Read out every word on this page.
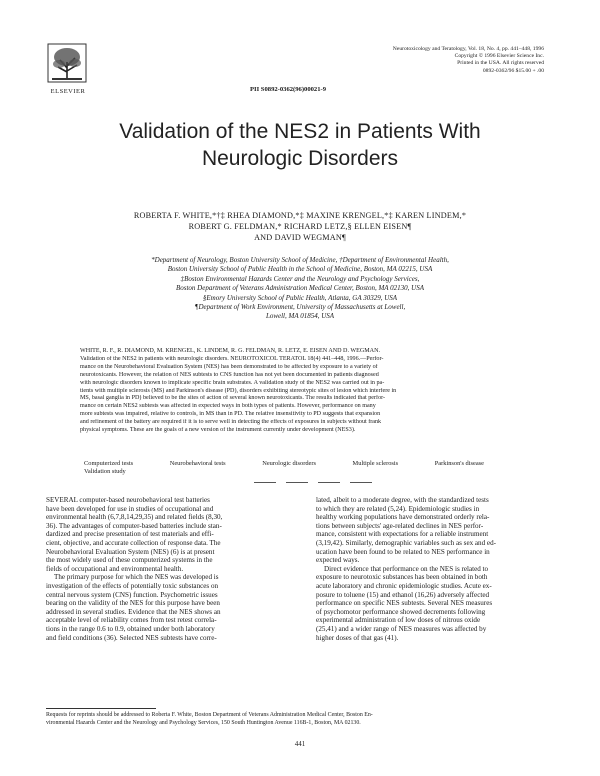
ELSEVIER
Neurotoxicology and Teratology, Vol. 18, No. 4, pp. 441–448, 1996
Copyright © 1996 Elsevier Science Inc.
Printed in the USA. All rights reserved
0892-0362/96 $15.00 + .00
PII S0892-0362(96)00021-9
Validation of the NES2 in Patients With
Neurologic Disorders
ROBERTA F. WHITE,*†‡ RHEA DIAMOND,*‡ MAXINE KRENGEL,*‡ KAREN LINDEM,*
ROBERT G. FELDMAN,* RICHARD LETZ,§ ELLEN EISEN¶
AND DAVID WEGMAN¶
*Department of Neurology, Boston University School of Medicine, †Department of Environmental Health,
Boston University School of Public Health in the School of Medicine, Boston, MA 02215, USA
‡Boston Environmental Hazards Center and the Neurology and Psychology Services,
Boston Department of Veterans Administration Medical Center, Boston, MA 02130, USA
§Emory University School of Public Health, Atlanta, GA 30329, USA
¶Department of Work Environment, University of Massachusetts at Lowell,
Lowell, MA 01854, USA
WHITE, R. F., R. DIAMOND, M. KRENGEL, K. LINDEM, R. G. FELDMAN, R. LETZ, E. EISEN AND D. WEGMAN.
Validation of the NES2 in patients with neurologic disorders. NEUROTOXICOL TERATOL 18(4) 441–448, 1996.—Perfor-
mance on the Neurobehavioral Evaluation System (NES) has been demonstrated to be affected by exposure to a variety of
neurotoxicants. However, the relation of NES subtests to CNS function has not yet been documented in patients diagnosed
with neurologic disorders known to implicate specific brain substrates. A validation study of the NES2 was carried out in pa-
tients with multiple sclerosis (MS) and Parkinson's disease (PD), disorders exhibiting stereotypic sites of lesion which interfere in
MS, basal ganglia in PD) believed to be the sites of action of several known neurotoxicants. The results indicated that perfor-
mance on certain NES2 subtests was affected in expected ways in both types of patients. However, performance on many
more subtests was impaired, relative to controls, in MS than in PD. The relative insensitivity to PD suggests that expansion
and refinement of the battery are required if it is to serve well in detecting the effects of exposures in subjects without frank
physical symptoms. These are the goals of a new version of the instrument currently under development (NES3).
Computerized tests	Neurobehavioral tests	Neurologic disorders	Multiple sclerosis	Parkinson's disease
Validation study
SEVERAL computer-based neurobehavioral test batteries
have been developed for use in studies of occupational and
environmental health (6,7,8,14,29,35) and related fields (8,30,
36). The advantages of computer-based batteries include stan-
dardized and precise presentation of test materials and effi-
cient, objective, and accurate collection of response data. The
Neurobehavioral Evaluation System (NES) (6) is at present
the most widely used of these computerized systems in the
fields of occupational and environmental health.
The primary purpose for which the NES was developed is
investigation of the effects of potentially toxic substances on
central nervous system (CNS) function. Psychometric issues
bearing on the validity of the NES for this purpose have been
addressed in several studies. Evidence that the NES shows an
acceptable level of reliability comes from test retest correla-
tions in the range 0.6 to 0.9, obtained under both laboratory
and field conditions (36). Selected NES subtests have corre-
lated, albeit to a moderate degree, with the standardized tests
to which they are related (5,24). Epidemiologic studies in
healthy working populations have demonstrated orderly rela-
tions between subjects' age-related declines in NES perfor-
mance, consistent with expectations for a reliable instrument
(3,19,42). Similarly, demographic variables such as sex and ed-
ucation have been found to be related to NES performance in
expected ways.
Direct evidence that performance on the NES is related to
exposure to neurotoxic substances has been obtained in both
acute laboratory and chronic epidemiologic studies. Acute ex-
posure to toluene (15) and ethanol (16,26) adversely affected
performance on specific NES subtests. Several NES measures
of psychomotor performance showed decrements following
experimental administration of low doses of nitrous oxide
(25,41) and a wider range of NES measures was affected by
higher doses of that gas (41).
Requests for reprints should be addressed to Roberta F. White, Boston Department of Veterans Administration Medical Center, Boston En-
vironmental Hazards Center and the Neurology and Psychology Services, 150 South Huntington Avenue 116B-1, Boston, MA 02130.
441
